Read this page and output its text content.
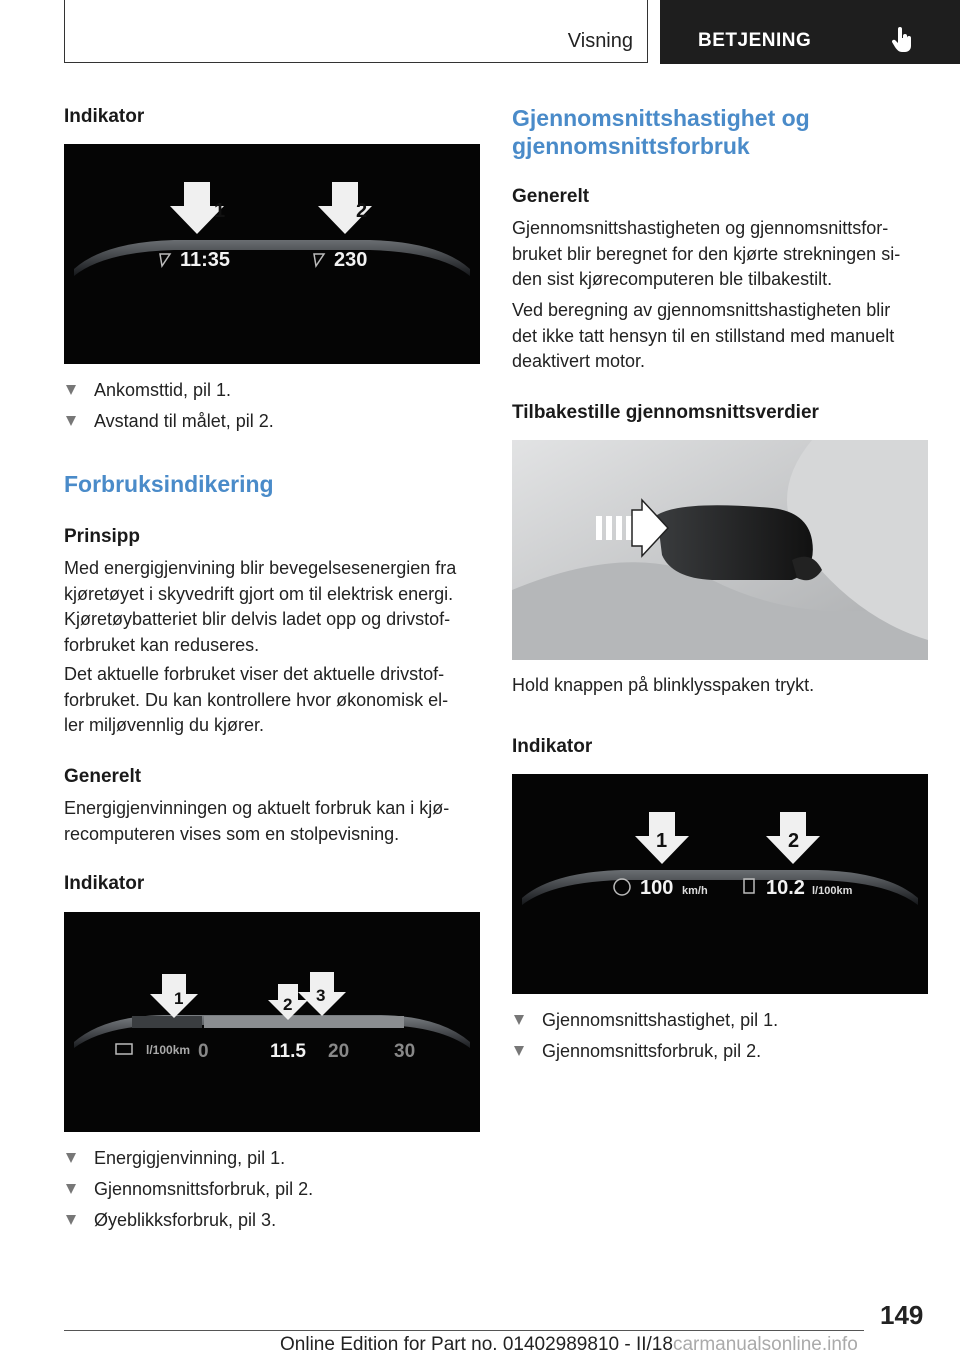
Visning	BETJENING
Indikator
1	2
11:35	230
Ankomsttid, pil 1.
Avstand til målet, pil 2.
Forbruksindikering
Prinsipp
Med energigjenvining blir bevegelsesenergien fra
kjøretøyet i skyvedrift gjort om til elektrisk energi.
Kjøretøybatteriet blir delvis ladet opp og drivstof‐
forbruket kan reduseres.
Det aktuelle forbruket viser det aktuelle drivstof‐
forbruket. Du kan kontrollere hvor økonomisk el‐
ler miljøvennlig du kjører.
Generelt
Energigjenvinningen og aktuelt forbruk kan i kjø‐
recomputeren vises som en stolpevisning.
Indikator
1	2 3
l/100km 0	11.5 20 30
Energigjenvinning, pil 1.
Gjennomsnittsforbruk, pil 2.
Øyeblikksforbruk, pil 3.
Gjennomsnittshastighet og
gjennomsnittsforbruk
Generelt
Gjennomsnittshastigheten og gjennomsnittsfor‐
bruket blir beregnet for den kjørte strekningen si‐
den sist kjørecomputeren ble tilbakestilt.
Ved beregning av gjennomsnittshastigheten blir
det ikke tatt hensyn til en stillstand med manuelt
deaktivert motor.
Tilbakestille gjennomsnittsverdier
Hold knappen på blinklysspaken trykt.
Indikator
1	2
100 km/h	10.2 l/100km
Gjennomsnittshastighet, pil 1.
Gjennomsnittsforbruk, pil 2.
149
Online Edition for Part no. 01402989810 - II/18carmanualsonline.info
